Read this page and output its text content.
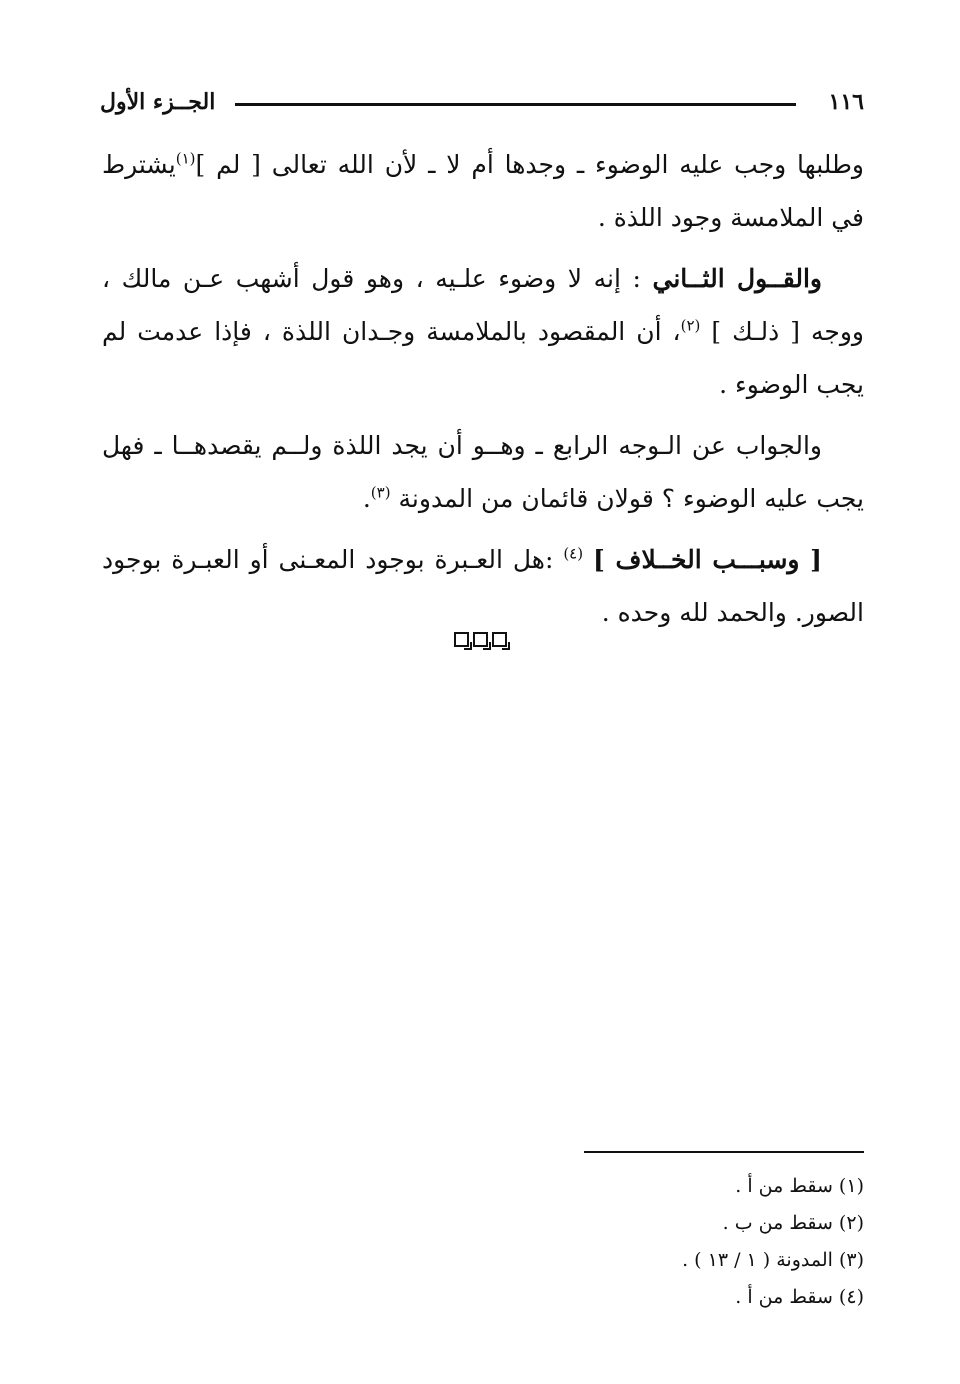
١١٦
الجــزء الأول

وطلبها وجب عليه الوضوء ـ وجدها أم لا ـ لأن الله تعالى [ لم ]$^{(١)}$يشترط في الملامسة وجود اللذة .

والقــول الثــاني : إنه لا وضوء علـيه ، وهو قول أشهب عـن مالك ، ووجه [ ذلـك ] $^{(٢)}$، أن المقصود بالملامسة وجـدان اللذة ، فإذا عدمت لم يجب الوضوء .

والجواب عن الـوجه الرابع ـ وهــو أن يجد اللذة ولــم يقصدهــا ـ فهل يجب عليه الوضوء ؟ قولان قائمان من المدونة $^{(٣)}$.

[ وسبـــب الخــلاف ] $^{(٤)}$ :هل العـبرة بوجود المعـنى أو العبـرة بوجود الصور. والحمد لله وحده .

(١) سقط من أ .

(٢) سقط من ب .

(٣) المدونة ( ١ / ١٣ ) .

(٤) سقط من أ .
